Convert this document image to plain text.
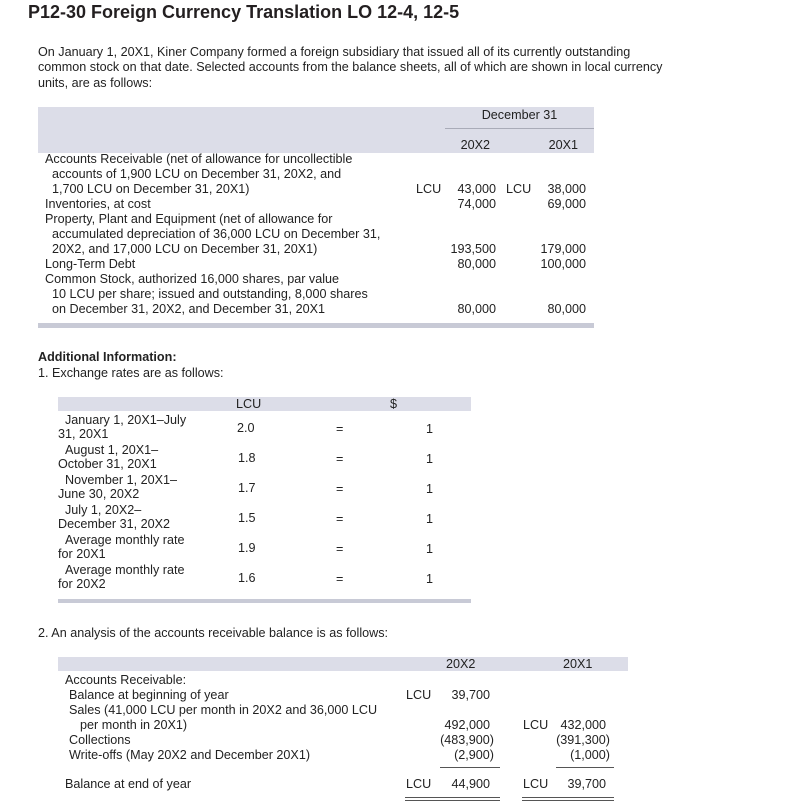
P12-30 Foreign Currency Translation LO 12-4, 12-5
On January 1, 20X1, Kiner Company formed a foreign subsidiary that issued all of its currently outstanding common stock on that date. Selected accounts from the balance sheets, all of which are shown in local currency units, are as follows:
December 31
20X2	20X1
Accounts Receivable (net of allowance for uncollectible
accounts of 1,900 LCU on December 31, 20X2, and
1,700 LCU on December 31, 20X1)	LCU	43,000 LCU	38,000
Inventories, at cost	74,000	69,000
Property, Plant and Equipment (net of allowance for
accumulated depreciation of 36,000 LCU on December 31,
20X2, and 17,000 LCU on December 31, 20X1)	193,500	179,000
Long-Term Debt	80,000	100,000
Common Stock, authorized 16,000 shares, par value
10 LCU per share; issued and outstanding, 8,000 shares
on December 31, 20X2, and December 31, 20X1	80,000	80,000
Additional Information:
1. Exchange rates are as follows:
LCU	$
January 1, 20X1–July
31, 20X1	2.0	=	1
August 1, 20X1–
October 31, 20X1	1.8	=	1
November 1, 20X1–
June 30, 20X2	1.7	=	1
July 1, 20X2–
December 31, 20X2	1.5	=	1
Average monthly rate
for 20X1	1.9	=	1
Average monthly rate
for 20X2	1.6	=	1
2. An analysis of the accounts receivable balance is as follows:
20X2	20X1
Accounts Receivable:
Balance at beginning of year	LCU	39,700
Sales (41,000 LCU per month in 20X2 and 36,000 LCU
per month in 20X1)	492,000	LCU 432,000
Collections	(483,900)	(391,300)
Write-offs (May 20X2 and December 20X1)	(2,900)	(1,000)
Balance at end of year	LCU	44,900	LCU	39,700
